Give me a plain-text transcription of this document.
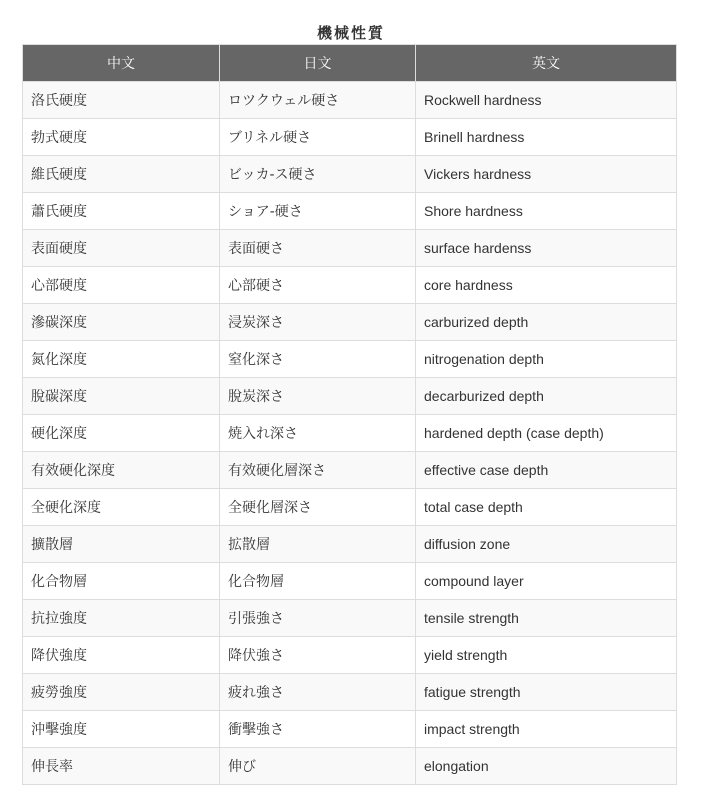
機械性質
中文	日文	英文
洛氏硬度	ロツクウェル硬さ	Rockwell hardness
勃式硬度	ブリネル硬さ	Brinell hardness
維氏硬度	ビッカ-ス硬さ	Vickers hardness
蕭氏硬度	ショア-硬さ	Shore hardness
表面硬度	表面硬さ	surface hardenss
心部硬度	心部硬さ	core hardness
滲碳深度	浸炭深さ	carburized depth
氮化深度	窒化深さ	nitrogenation depth
脫碳深度	脫炭深さ	decarburized depth
硬化深度	焼入れ深さ	hardened depth (case depth)
有效硬化深度	有效硬化層深さ	effective case depth
全硬化深度	全硬化層深さ	total case depth
擴散層	拡散層	diffusion zone
化合物層	化合物層	compound layer
抗拉強度	引張強さ	tensile strength
降伏強度	降伏強さ	yield strength
疲勞強度	疲れ強さ	fatigue strength
沖擊強度	衝擊強さ	impact strength
伸長率	伸び	elongation
